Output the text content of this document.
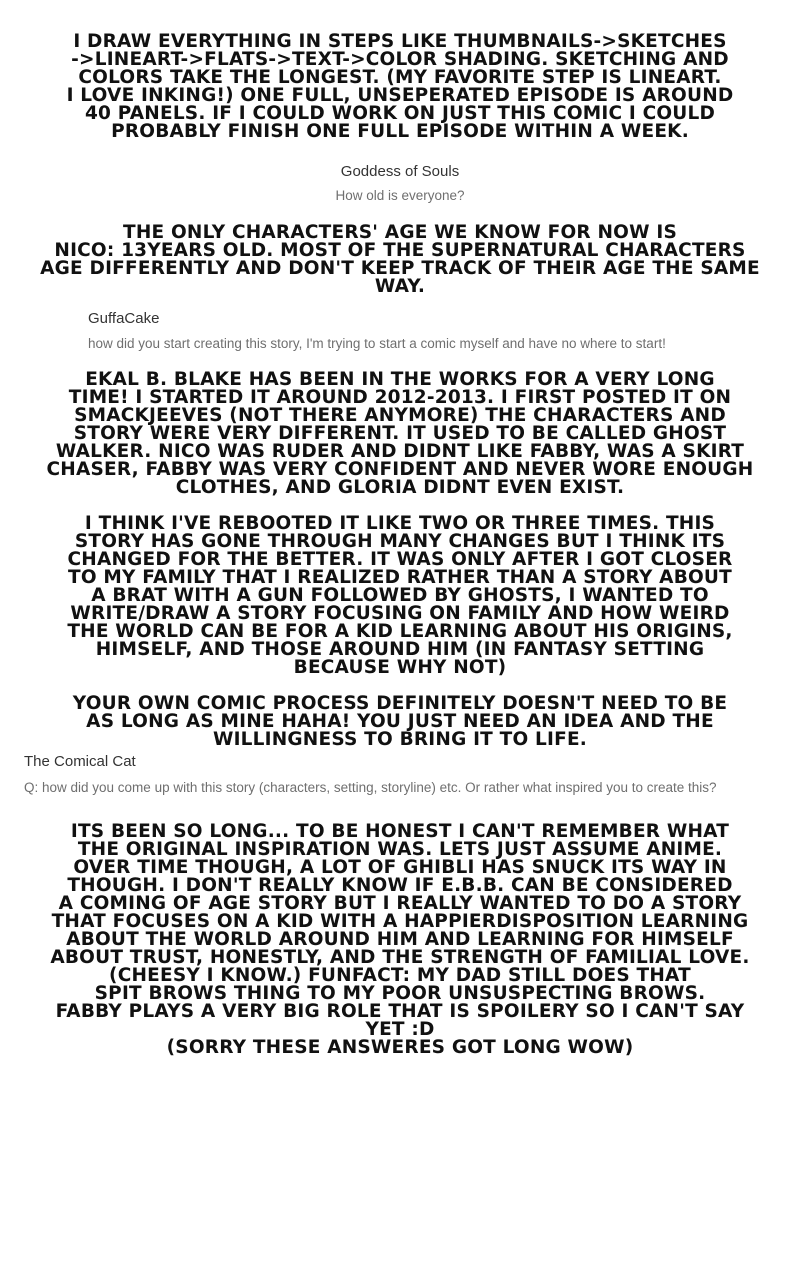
I DRAW EVERYTHING IN STEPS LIKE THUMBNAILS->SKETCHES
->LINEART->FLATS->TEXT->COLOR SHADING. SKETCHING AND
COLORS TAKE THE LONGEST. (MY FAVORITE STEP IS LINEART.
I LOVE INKING!) ONE FULL, UNSEPERATED EPISODE IS AROUND
40 PANELS. IF I COULD WORK ON JUST THIS COMIC I COULD
PROBABLY FINISH ONE FULL EPISODE WITHIN A WEEK.
Goddess of Souls
How old is everyone?
THE ONLY CHARACTERS' AGE WE KNOW FOR NOW IS
NICO: 13YEARS OLD. MOST OF THE SUPERNATURAL CHARACTERS
AGE DIFFERENTLY AND DON'T KEEP TRACK OF THEIR AGE THE SAME
WAY.
GuffaCake
how did you start creating this story, I'm trying to start a comic myself and have no where to start!
EKAL B. BLAKE HAS BEEN IN THE WORKS FOR A VERY LONG
TIME! I STARTED IT AROUND 2012-2013. I FIRST POSTED IT ON
SMACKJEEVES (NOT THERE ANYMORE) THE CHARACTERS AND
STORY WERE VERY DIFFERENT. IT USED TO BE CALLED GHOST
WALKER. NICO WAS RUDER AND DIDNT LIKE FABBY, WAS A SKIRT
CHASER, FABBY WAS VERY CONFIDENT AND NEVER WORE ENOUGH
CLOTHES, AND GLORIA DIDNT EVEN EXIST.
I THINK I'VE REBOOTED IT LIKE TWO OR THREE TIMES. THIS
STORY HAS GONE THROUGH MANY CHANGES BUT I THINK ITS
CHANGED FOR THE BETTER. IT WAS ONLY AFTER I GOT CLOSER
TO MY FAMILY THAT I REALIZED RATHER THAN A STORY ABOUT
A BRAT WITH A GUN FOLLOWED BY GHOSTS, I WANTED TO
WRITE/DRAW A STORY FOCUSING ON FAMILY AND HOW WEIRD
THE WORLD CAN BE FOR A KID LEARNING ABOUT HIS ORIGINS,
HIMSELF, AND THOSE AROUND HIM (IN FANTASY SETTING
BECAUSE WHY NOT)
YOUR OWN COMIC PROCESS DEFINITELY DOESN'T NEED TO BE
AS LONG AS MINE HAHA! YOU JUST NEED AN IDEA AND THE
WILLINGNESS TO BRING IT TO LIFE.
The Comical Cat
Q: how did you come up with this story (characters, setting, storyline) etc. Or rather what inspired you to create this?
ITS BEEN SO LONG... TO BE HONEST I CAN'T REMEMBER WHAT
THE ORIGINAL INSPIRATION WAS. LETS JUST ASSUME ANIME.
OVER TIME THOUGH, A LOT OF GHIBLI HAS SNUCK ITS WAY IN
THOUGH. I DON'T REALLY KNOW IF E.B.B. CAN BE CONSIDERED
A COMING OF AGE STORY BUT I REALLY WANTED TO DO A STORY
THAT FOCUSES ON A KID WITH A HAPPIERDISPOSITION LEARNING
ABOUT THE WORLD AROUND HIM AND LEARNING FOR HIMSELF
ABOUT TRUST, HONESTLY, AND THE STRENGTH OF FAMILIAL LOVE.
(CHEESY I KNOW.) FUNFACT: MY DAD STILL DOES THAT
SPIT BROWS THING TO MY POOR UNSUSPECTING BROWS.
FABBY PLAYS A VERY BIG ROLE THAT IS SPOILERY SO I CAN'T SAY
YET :D
(SORRY THESE ANSWERES GOT LONG WOW)
